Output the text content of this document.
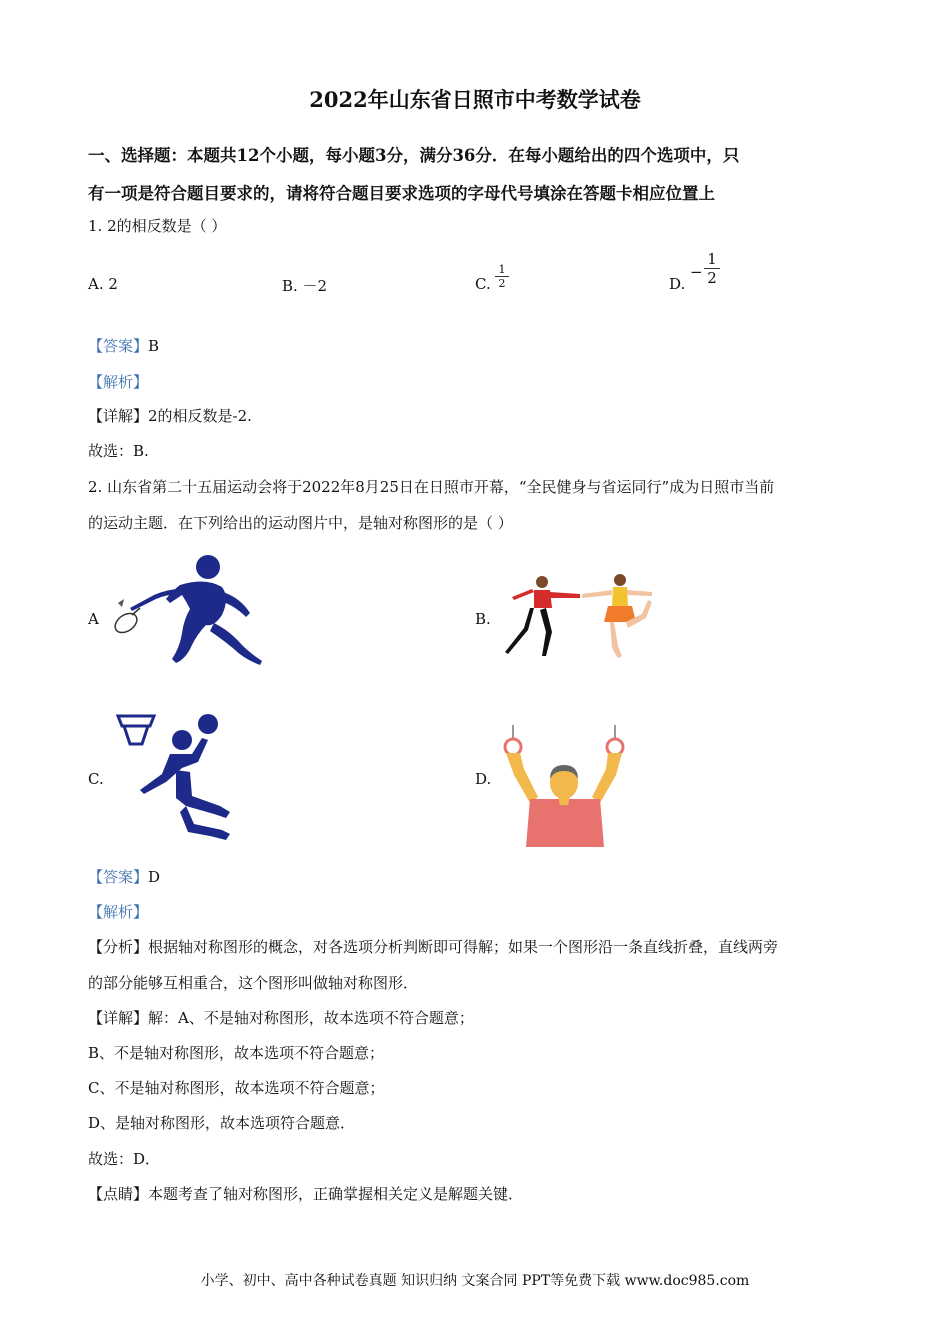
2022年山东省日照市中考数学试卷
一、选择题：本题共12个小题，每小题3分，满分36分．在每小题给出的四个选项中，只
有一项是符合题目要求的，请将符合题目要求选项的字母代号填涂在答题卡相应位置上
1. 2的相反数是（ ）
A. 2	B. －2	C. $\frac{1}{2}$	D.
− $\frac{1}{2}$
【答案】B
【解析】
【详解】2的相反数是-2.
故选：B.
2. 山东省第二十五届运动会将于2022年8月25日在日照市开幕，“全民健身与省运同行”成为日照市当前
的运动主题．在下列给出的运动图片中，是轴对称图形的是（ ）
A	B.
C.	D.
【答案】D
【解析】
【分析】根据轴对称图形的概念，对各选项分析判断即可得解；如果一个图形沿一条直线折叠，直线两旁
的部分能够互相重合，这个图形叫做轴对称图形．
【详解】解：A、不是轴对称图形，故本选项不符合题意；
B、不是轴对称图形，故本选项不符合题意；
C、不是轴对称图形，故本选项不符合题意；
D、是轴对称图形，故本选项符合题意．
故选：D．
【点睛】本题考查了轴对称图形，正确掌握相关定义是解题关键．
小学、初中、高中各种试卷真题 知识归纳 文案合同 PPT等免费下载 www.doc985.com
